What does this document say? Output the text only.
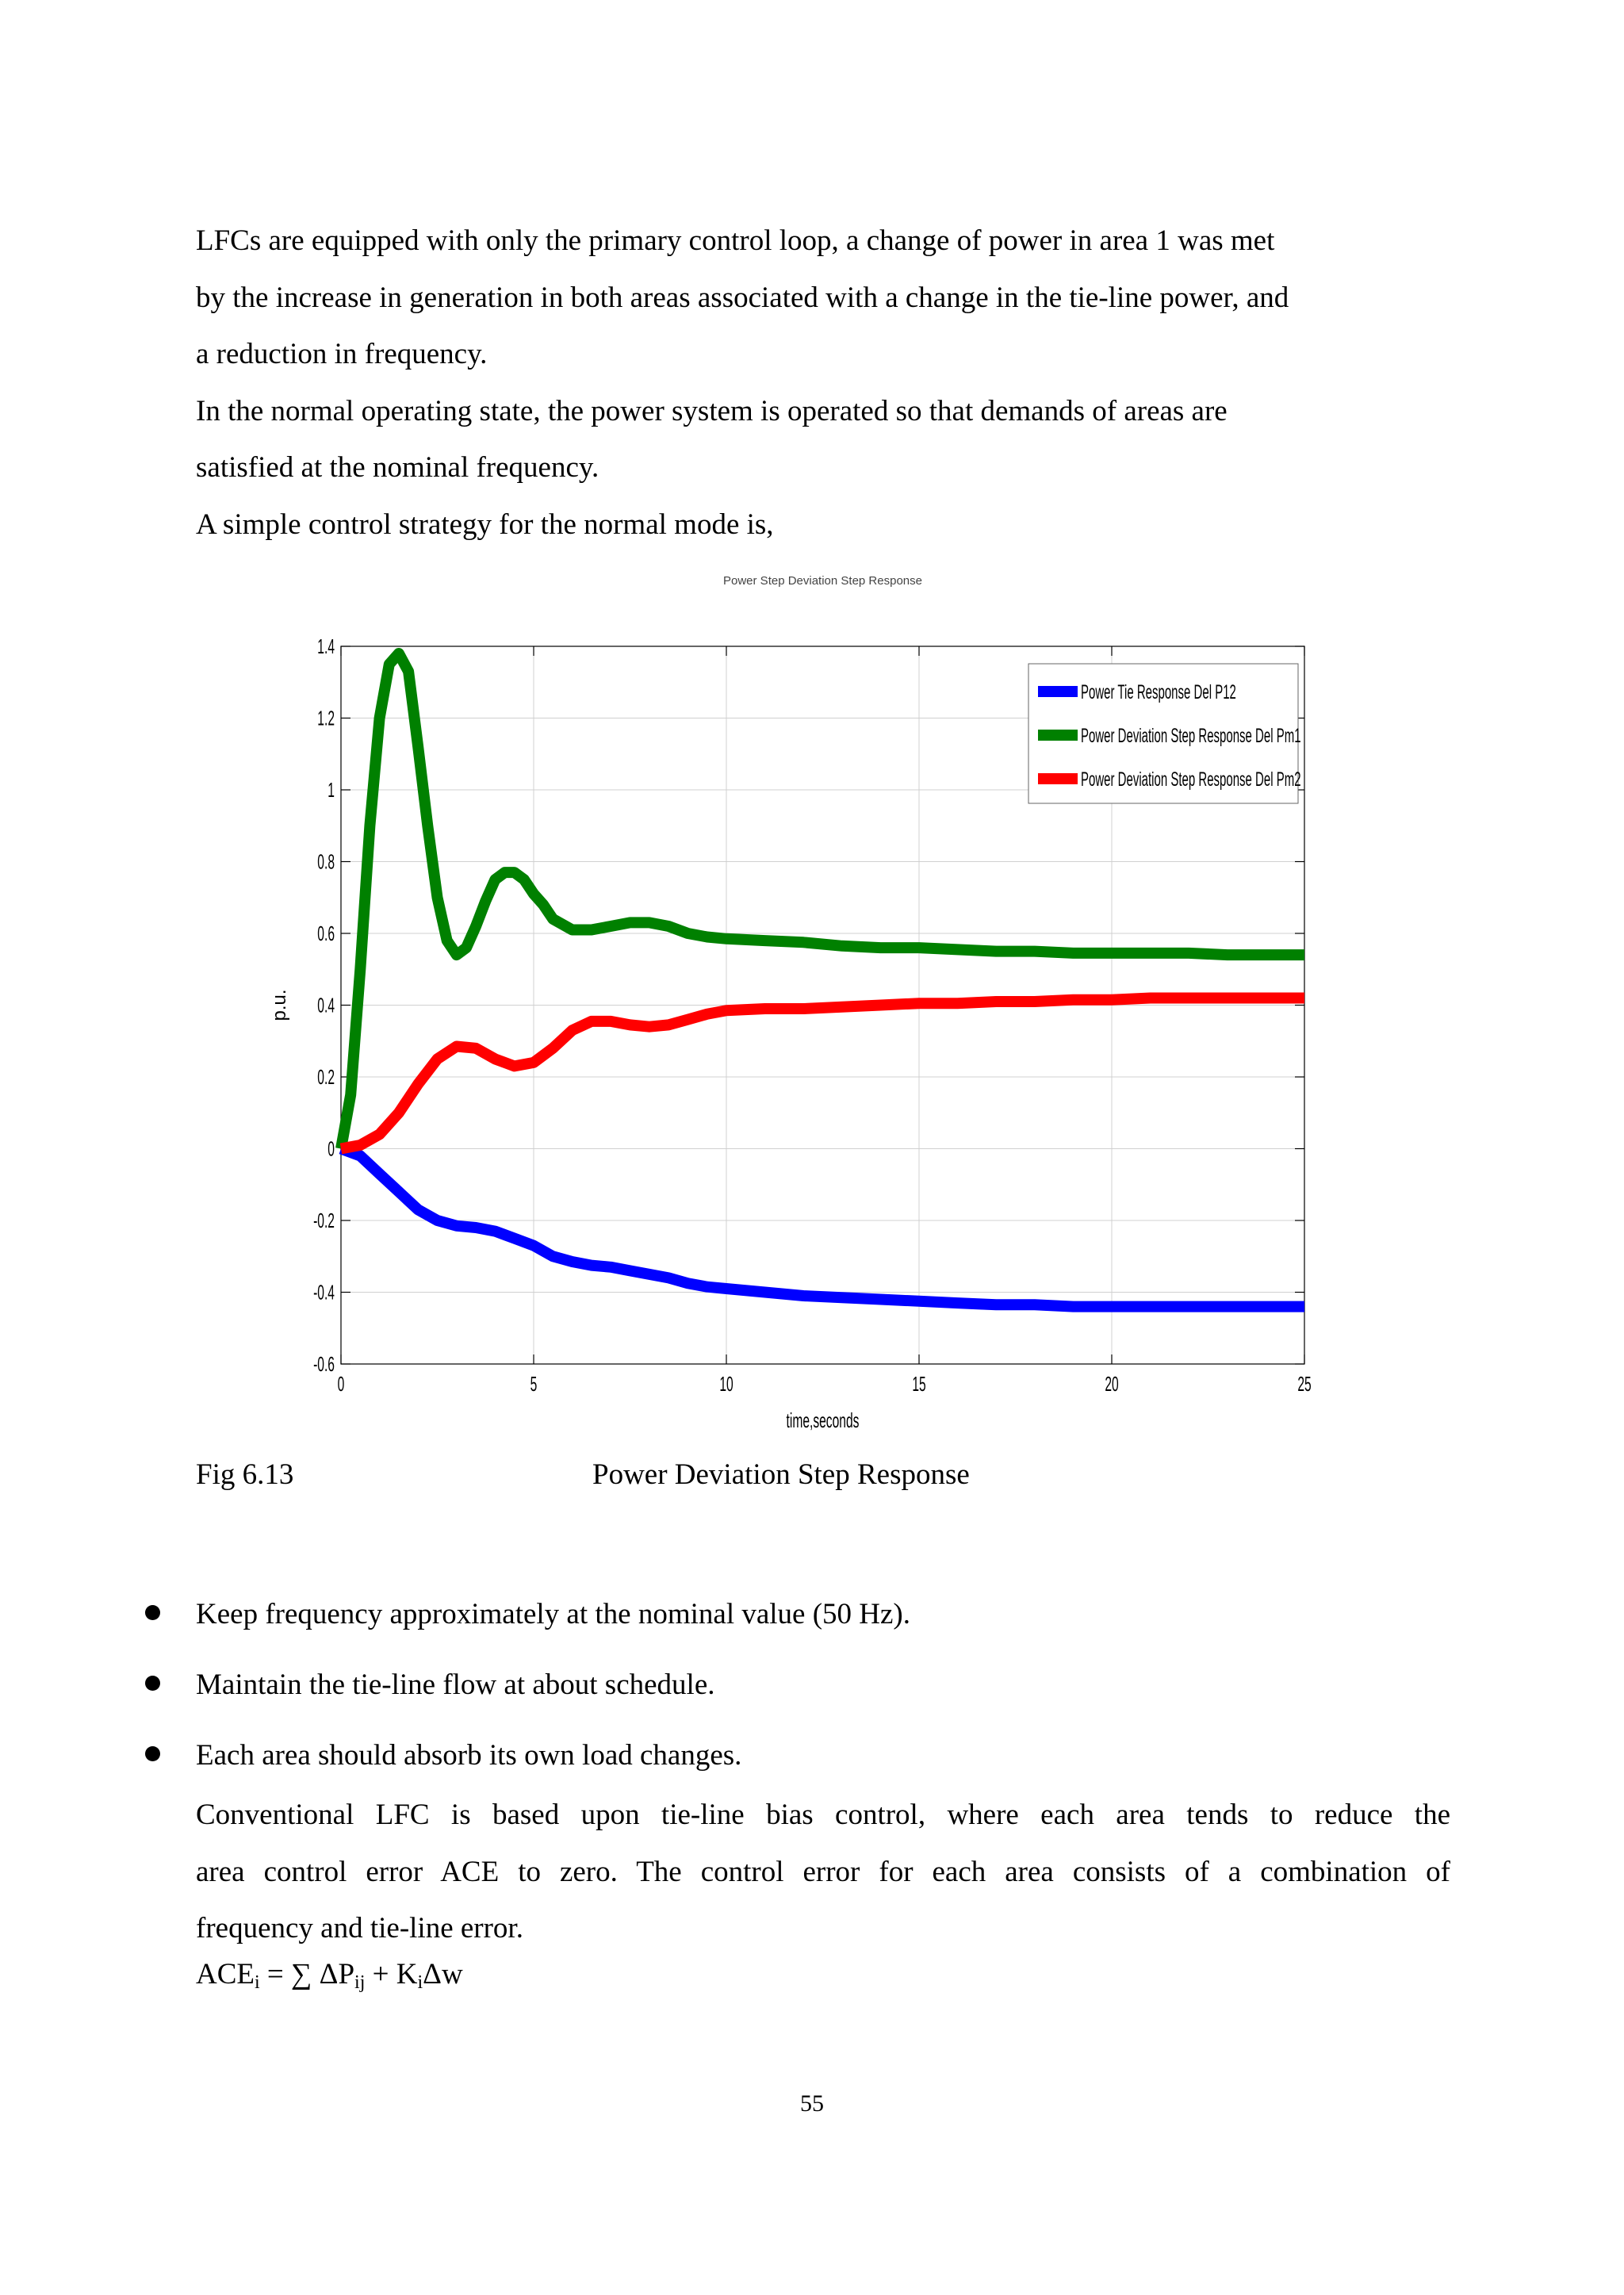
LFCs are equipped with only the primary control loop, a change of power in area 1 was met
by the increase in generation in both areas associated with a change in the tie-line power, and
a reduction in frequency.
In the normal operating state, the power system is operated so that demands of areas are
satisfied at the nominal frequency.
A simple control strategy for the normal mode is,
Power Step Deviation Step Response
0	5	10	15	20	25
-0.6
-0.4
-0.2
0
0.2
0.4
0.6
0.8
1
1.2
1.4
Power Tie Response Del P12
Power Deviation Step Response Del Pm1
Power Deviation Step Response Del Pm2
time,seconds
p.u.
Fig 6.13	Power Deviation Step Response
Keep frequency approximately at the nominal value (50 Hz).
Maintain the tie-line flow at about schedule.
Each area should absorb its own load changes.
Conventional LFC is based upon tie-line bias control, where each area tends to reduce the
area control error ACE to zero. The control error for each area consists of a combination of
frequency and tie-line error.
$ACE_i$ = ∑ $\Delta P_{ij} + K_i\Delta w$
55
